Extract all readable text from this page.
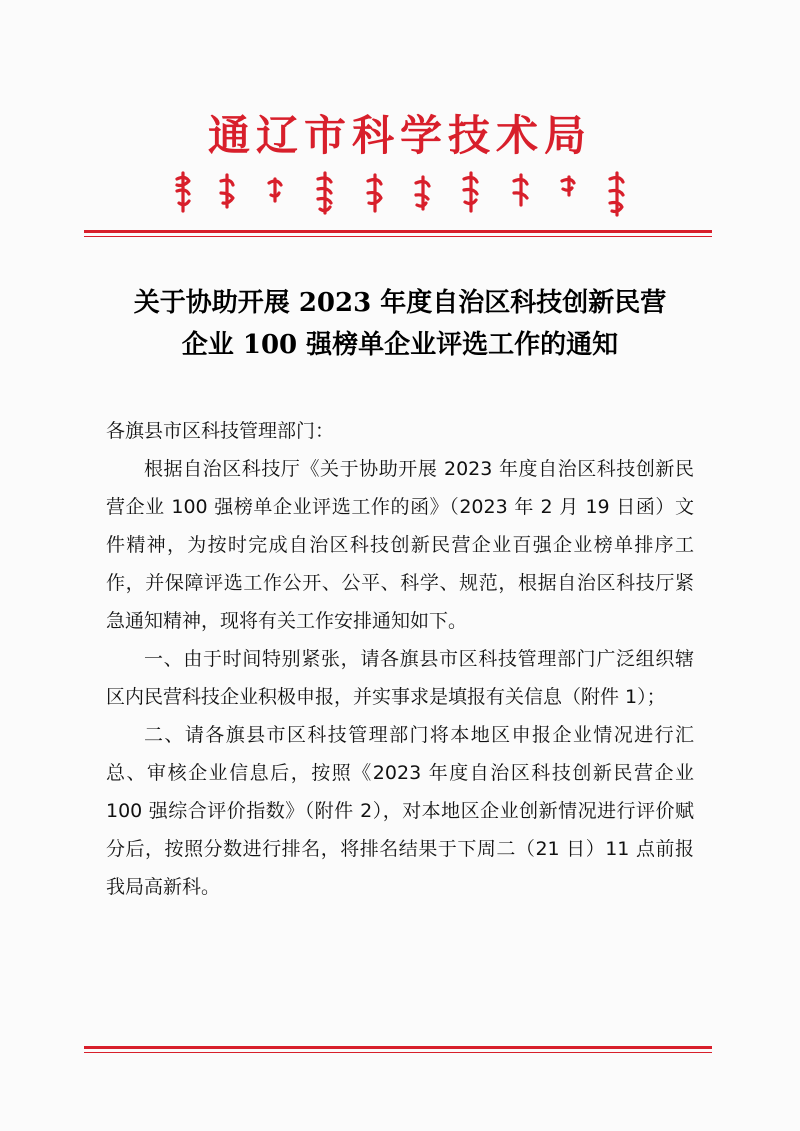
通辽市科学技术局
关于协助开展 2023 年度自治区科技创新民营
企业 100 强榜单企业评选工作的通知

各旗县市区科技管理部门：

根据自治区科技厅《关于协助开展 2023 年度自治区科技创新民营企业 100 强榜单企业评选工作的函》（2023 年 2 月 19 日函）文件精神，为按时完成自治区科技创新民营企业百强企业榜单排序工作，并保障评选工作公开、公平、科学、规范，根据自治区科技厅紧急通知精神，现将有关工作安排通知如下。

一、由于时间特别紧张，请各旗县市区科技管理部门广泛组织辖区内民营科技企业积极申报，并实事求是填报有关信息（附件 1）；

二、请各旗县市区科技管理部门将本地区申报企业情况进行汇总、审核企业信息后，按照《2023 年度自治区科技创新民营企业 100 强综合评价指数》（附件 2），对本地区企业创新情况进行评价赋分后，按照分数进行排名，将排名结果于下周二（21 日）11 点前报我局高新科。
